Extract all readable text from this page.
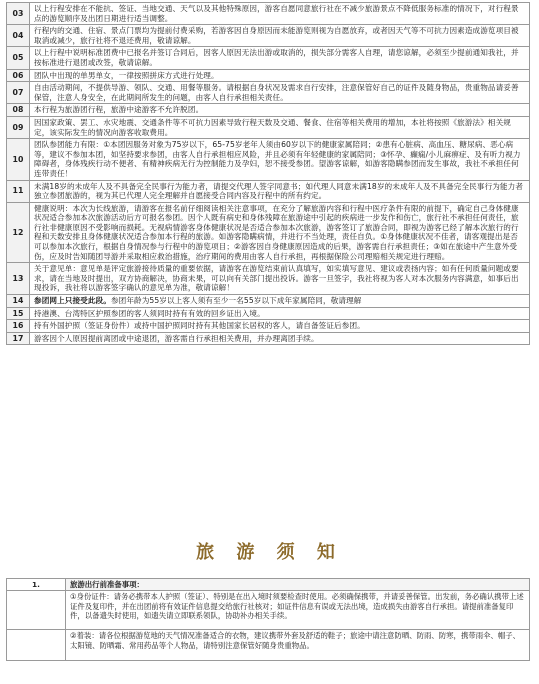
03	以上行程安排在不能抗、签证、当地交通、天气以及其他特殊原因，游客自愿同意旅行社在不减少旅游景点不降低服务标准的情况下，对行程景点的游览顺序及出团日期进行适当调整。
04	行程内的交通、住宿、景点门票均为提前付费采购，若游客因自身原因而未能游览则视为自愿放弃，或者因天气等不可抗力因素造成游览项目被取消或减少，旅行社将不退还费用，敬请谅解。
05	以上行程中说明标准团费中已报名并签订合同后，因客人原因无法出游或取消的，损失部分需客人自理，请您谅解，必须至少提前通知我社，并按标准进行退团或改签，敬请谅解。
06	团队中出现的单男单女，一律按照拼床方式进行处理。
07	自由活动期间，不提供导游、领队、交通、用餐等服务。请根据自身状况及需求自行安排，注意保管好自己的证件及随身物品，贵重物品请妥善保管，注意人身安全，在此期间所发生的问题，由客人自行承担相关责任。
08	本行程为旅游团行程，旅游中途游客不允许脱团。
09	因国家政策、罢工、水灾地震、交通条件等不可抗力因素导致行程天数及交通、餐食、住宿等相关费用的增加，本社将按照《旅游法》相关规定，该实际发生的情况向游客收取费用。
10	团队参团能力有限：①本团因服务对象为75岁以下，65-75岁老年人须由60岁以下的健康家属陪同；②患有心脏病、高血压、糖尿病、恶心病等，建议不参加本团，如坚持要求参团，由客人自行承担相应风险，并且必须有年轻健康的家属陪同；③怀孕、癫痫/小儿麻痹症、及有听力视力障碍者，身体残疾行动不便者、有精神疾病无行为控制能力及孕妇，恕不接受参团。望游客谅解，如游客隐瞒参团而发生事故，我社不承担任何连带责任！
11	未满18岁的未成年人及不具备完全民事行为能力者，请提交代理人签字同意书；如代理人同意未满18岁的未成年人及不具备完全民事行为能力者独立参团旅游的，视为其已代理人完全理解并自愿接受合同内容及行程中的所有约定。
12	健康说明：本次为长线旅游，请游客在报名前仔细阅读相关注意事项，在充分了解旅游内容和行程中医疗条件有限的前提下，确定自己身体健康状况适合参加本次旅游活动后方可报名参团。因个人既有病史和身体残障在旅游途中引起的疾病进一步发作和伤亡，旅行社不承担任何责任，旅行社非健康原因不受影响而损耗。无视病情游客身体健康状况是否适合参加本次旅游，游客签订了旅游合同，即视为游客已经了解本次旅行的行程和天数安排且身体健康状况适合参加本行程的旅游。如游客隐瞒病情，并进行不当处理，责任自负。①身体健康状况不佳者，请客观提出是否可以参加本次旅行，根据自身情况参与行程中的游览项目；②游客因自身健康原因造成的后果，游客需自行承担责任；③如在旅途中产生意外受伤，应及时告知随团导游并采取相应救治措施，治疗期间的费用由客人自行承担，再根据保险公司理赔相关规定进行理赔。
13	关于意见单：意见单是评定旅游接待质量的重要依据，请游客在游览结束前认真填写，如实填写意见、建议或表扬内容；如有任何质量问题或要求，请在当地及时提出，双方协商解决，协商未果，可以向有关部门提出投诉。游客一旦签字，我社将视为客人对本次服务内容满意，如事后出现投诉，我社将以游客签字确认的意见单为准，敬请谅解！
14	参团网上只接受此段。参团年龄为55岁以上客人须有至少一名55岁以下成年家属陪同，敬请理解
15	持港澳、台湾特区护照参团的客人须同时持有有效的回乡证出入境。
16	持有外国护照（签证身份件）或持中国护照同时持有其他国家长居权的客人，请自备签证后参团。
17	游客因个人原因提前离团或中途退团，游客需自行承担相关费用，并办理离团手续。
旅 游 须 知
1.	旅游出行前准备事项：
	①身份证件：请务必携带本人护照（签证）、特别是在出入境时须要检查时使用。必须确保携带，并请妥善保管。出发前，务必确认携带上述证件及复印件，并在出团前将有效证件信息提交给旅行社核对；如证件信息有误或无法出境，造成损失由游客自行承担。请提前准备复印件，以备遗失时使用，如遗失请立即联系领队，协助补办相关手续。
	②着装：请各位根据游览地的天气情况准备适合的衣物，建议携带外套及舒适的鞋子；旅途中请注意防晒、防雨、防寒，携带雨伞、帽子、太阳镜、防晒霜、常用药品等个人物品，请特别注意保管好随身贵重物品。
